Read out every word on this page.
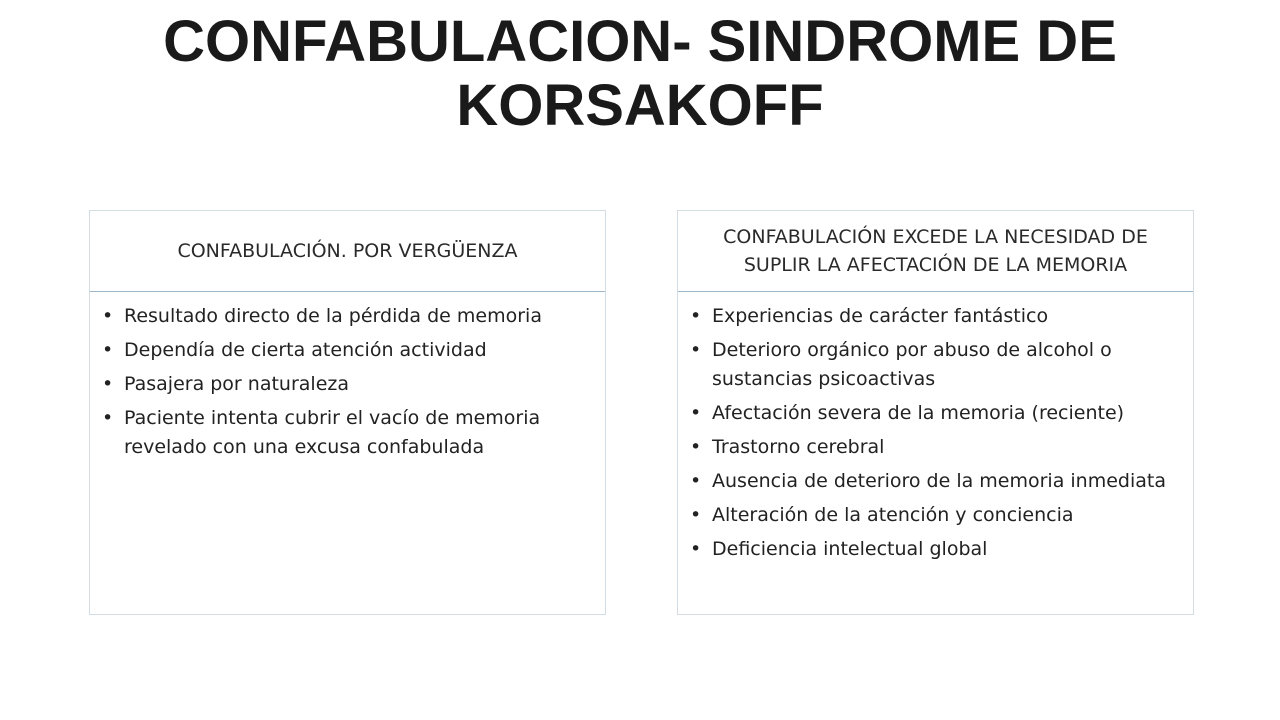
CONFABULACION- SINDROME DE KORSAKOFF
CONFABULACIÓN. POR VERGÜENZA
• Resultado directo de la pérdida de memoria
• Dependía de cierta atención actividad
• Pasajera por naturaleza
• Paciente intenta cubrir el vacío de memoria revelado con una excusa confabulada
CONFABULACIÓN EXCEDE LA NECESIDAD DE SUPLIR LA AFECTACIÓN DE LA MEMORIA
• Experiencias de carácter fantástico
• Deterioro orgánico por abuso de alcohol o sustancias psicoactivas
• Afectación severa de la memoria (reciente)
• Trastorno cerebral
• Ausencia de deterioro de la memoria inmediata
• Alteración de la atención y conciencia
• Deficiencia intelectual global
